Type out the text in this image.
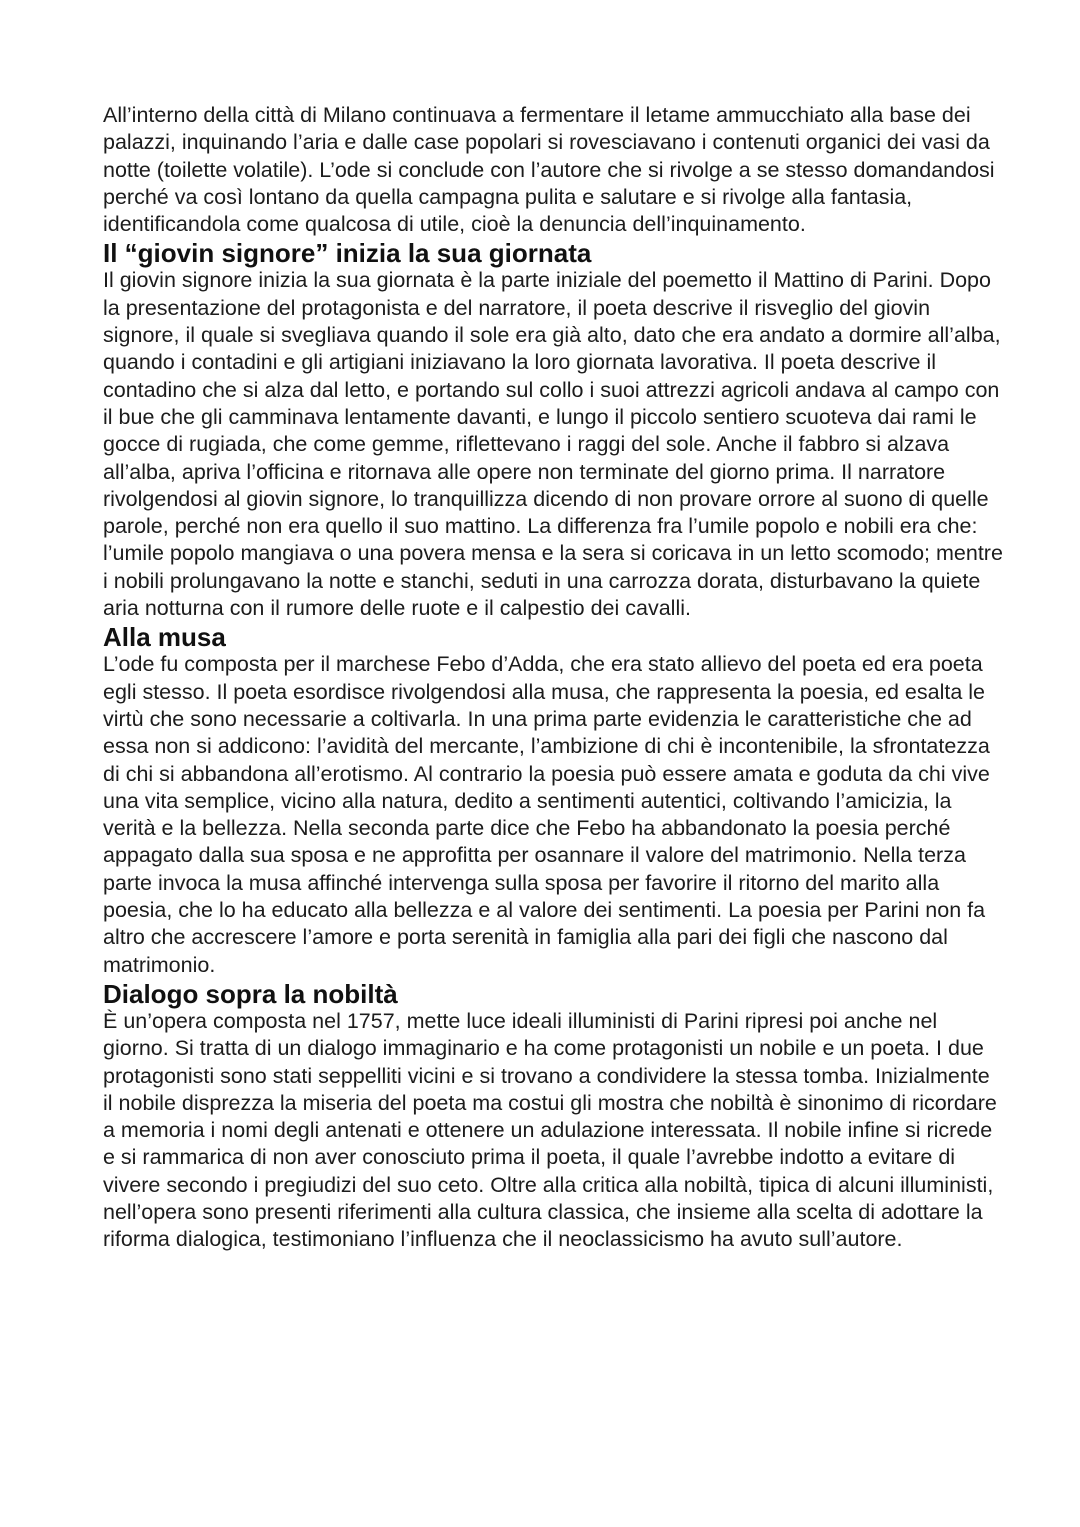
All’interno della città di Milano continuava a fermentare il letame ammucchiato alla base dei palazzi, inquinando l’aria e dalle case popolari si rovesciavano i contenuti organici dei vasi da notte (toilette volatile). L’ode si conclude con l’autore che si rivolge a se stesso domandandosi perché va così lontano da quella campagna pulita e salutare e si rivolge alla fantasia, identificandola come qualcosa di utile, cioè la denuncia dell’inquinamento.

Il “giovin signore” inizia la sua giornata

Il giovin signore inizia la sua giornata è la parte iniziale del poemetto il Mattino di Parini. Dopo la presentazione del protagonista e del narratore, il poeta descrive il risveglio del giovin signore, il quale si svegliava quando il sole era già alto, dato che era andato a dormire all’alba, quando i contadini e gli artigiani iniziavano la loro giornata lavorativa. Il poeta descrive il contadino che si alza dal letto, e portando sul collo i suoi attrezzi agricoli andava al campo con il bue che gli camminava lentamente davanti, e lungo il piccolo sentiero scuoteva dai rami le gocce di rugiada, che come gemme, riflettevano i raggi del sole. Anche il fabbro si alzava all’alba, apriva l’officina e ritornava alle opere non terminate del giorno prima. Il narratore rivolgendosi al giovin signore, lo tranquillizza dicendo di non provare orrore al suono di quelle parole, perché non era quello il suo mattino. La differenza fra l’umile popolo e nobili era che: l’umile popolo mangiava o una povera mensa e la sera si coricava in un letto scomodo; mentre i nobili prolungavano la notte e stanchi, seduti in una carrozza dorata, disturbavano la quiete aria notturna con il rumore delle ruote e il calpestio dei cavalli.

Alla musa

L’ode fu composta per il marchese Febo d’Adda, che era stato allievo del poeta ed era poeta egli stesso. Il poeta esordisce rivolgendosi alla musa, che rappresenta la poesia, ed esalta le virtù che sono necessarie a coltivarla. In una prima parte evidenzia le caratteristiche che ad essa non si addicono: l’avidità del mercante, l’ambizione di chi è incontenibile, la sfrontatezza di chi si abbandona all’erotismo. Al contrario la poesia può essere amata e goduta da chi vive una vita semplice, vicino alla natura, dedito a sentimenti autentici, coltivando l’amicizia, la verità e la bellezza. Nella seconda parte dice che Febo ha abbandonato la poesia perché appagato dalla sua sposa e ne approfitta per osannare il valore del matrimonio. Nella terza parte invoca la musa affinché intervenga sulla sposa per favorire il ritorno del marito alla poesia, che lo ha educato alla bellezza e al valore dei sentimenti. La poesia per Parini non fa altro che accrescere l’amore e porta serenità in famiglia alla pari dei figli che nascono dal matrimonio.

Dialogo sopra la nobiltà

È un’opera composta nel 1757, mette luce ideali illuministi di Parini ripresi poi anche nel giorno. Si tratta di un dialogo immaginario e ha come protagonisti un nobile e un poeta. I due protagonisti sono stati seppelliti vicini e si trovano a condividere la stessa tomba. Inizialmente il nobile disprezza la miseria del poeta ma costui gli mostra che nobiltà è sinonimo di ricordare a memoria i nomi degli antenati e ottenere un adulazione interessata. Il nobile infine si ricrede e si rammarica di non aver conosciuto prima il poeta, il quale l’avrebbe indotto a evitare di vivere secondo i pregiudizi del suo ceto. Oltre alla critica alla nobiltà, tipica di alcuni illuministi, nell’opera sono presenti riferimenti alla cultura classica, che insieme alla scelta di adottare la riforma dialogica, testimoniano l’influenza che il neoclassicismo ha avuto sull’autore.
